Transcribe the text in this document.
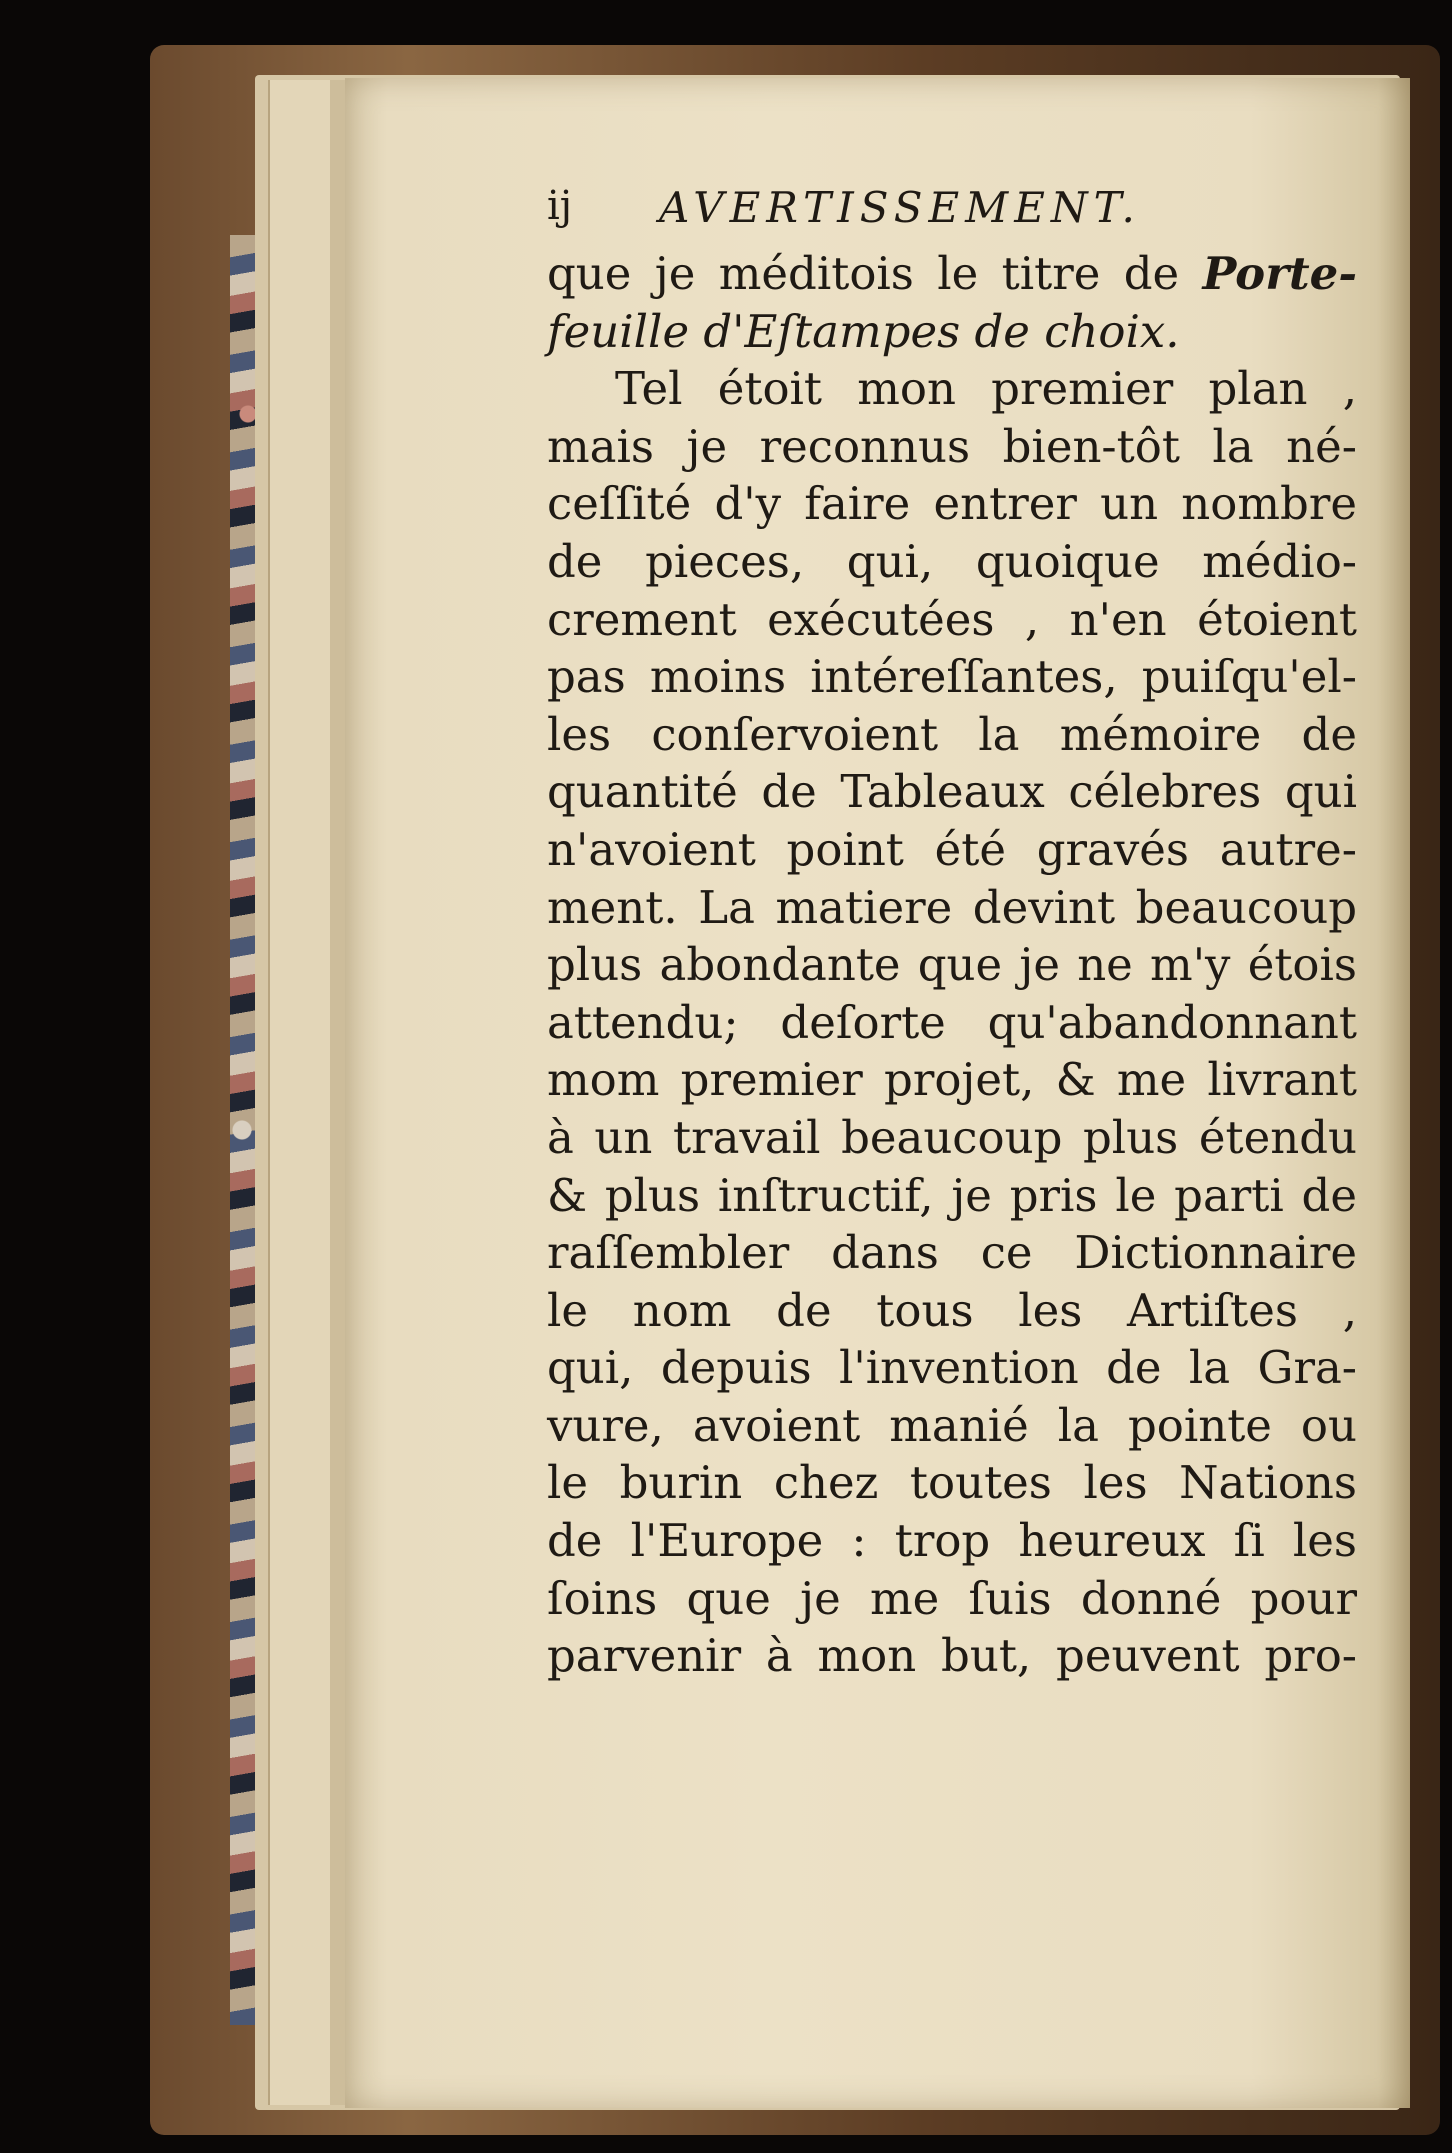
ij AVERTISSEMENT.
que je méditois le titre de Porte-
feuille d'Eſtampes de choix.
Tel étoit mon premier plan ,
mais je reconnus bien-tôt la né-
ceſſité d'y faire entrer un nombre
de pieces, qui, quoique médio-
crement exécutées , n'en étoient
pas moins intéreſſantes, puiſqu'el-
les conſervoient la mémoire de
quantité de Tableaux célebres qui
n'avoient point été gravés autre-
ment. La matiere devint beaucoup
plus abondante que je ne m'y étois
attendu; deſorte qu'abandonnant
mom premier projet, & me livrant
à un travail beaucoup plus étendu
& plus inſtructif, je pris le parti de
raſſembler dans ce Dictionnaire
le nom de tous les Artiſtes ,
qui, depuis l'invention de la Gra-
vure, avoient manié la pointe ou
le burin chez toutes les Nations
de l'Europe : trop heureux ſi les
ſoins que je me ſuis donné pour
parvenir à mon but, peuvent pro-
